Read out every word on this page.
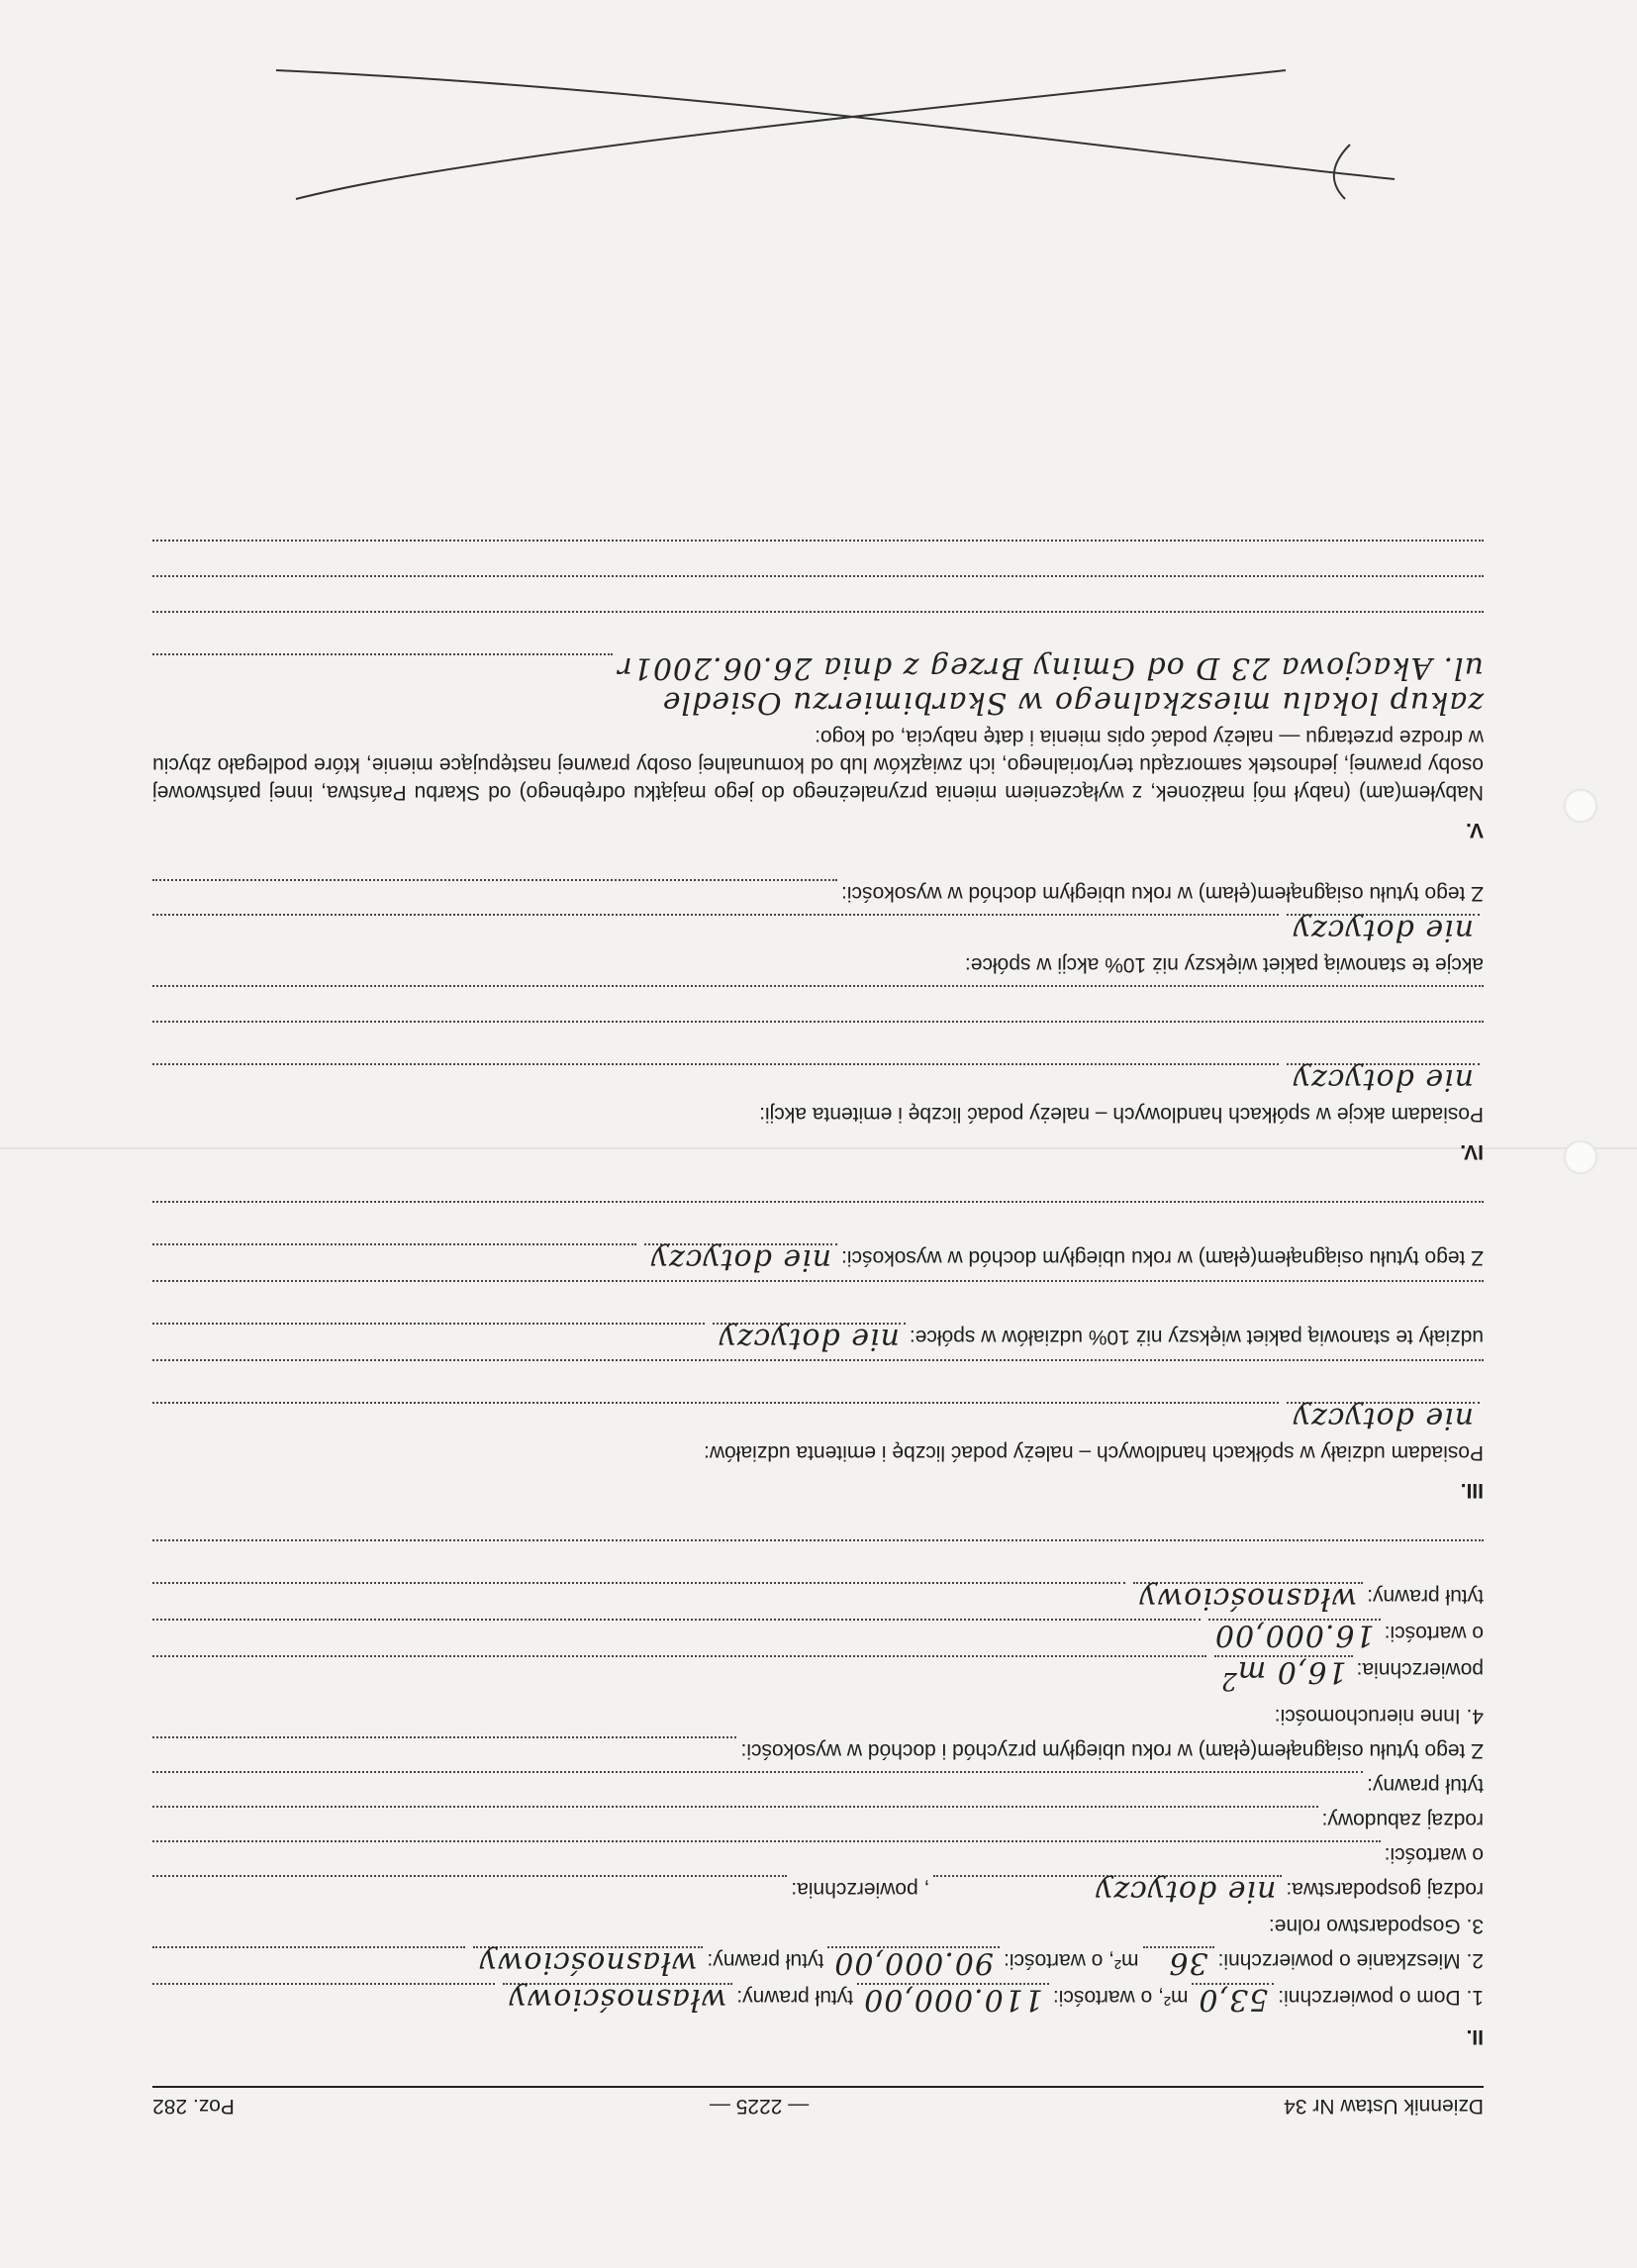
Dziennik Ustaw Nr 34
— 2225 —
Poz. 282
II.
1. Dom o powierzchni:
53,0
m², o wartości:
110.000,00
tytuł prawny:
własnościowy
2. Mieszkanie o powierzchni:
36
m², o wartości:
90.000,00
tytuł prawny:
własnościowy
3. Gospodarstwo rolne:
rodzaj gospodarstwa:
nie dotyczy
, powierzchnia:
o wartości:
rodzaj zabudowy:
tytuł prawny:
Z tego tytułu osiągnąłem(ęłam) w roku ubiegłym przychód i dochód w wysokości:
4. Inne nieruchomości:
powierzchnia:
16,0 $m^2$
o wartości:
16.000,00
tytuł prawny:
własnościowy
III.
Posiadam udziały w spółkach handlowych – należy podać liczbę i emitenta udziałów:
nie dotyczy
udziały te stanowią pakiet większy niż 10% udziałów w spółce:
nie dotyczy
Z tego tytułu osiągnąłem(ęłam) w roku ubiegłym dochód w wysokości:
nie dotyczy
IV.
Posiadam akcje w spółkach handlowych – należy podać liczbę i emitenta akcji:
nie dotyczy
akcje te stanowią pakiet większy niż 10% akcji w spółce:
nie dotyczy
Z tego tytułu osiągnąłem(ęłam) w roku ubiegłym dochód w wysokości:
V.
Nabyłem(am) (nabył mój małżonek, z wyłączeniem mienia przynależnego do jego majątku odrębnego) od Skarbu Państwa, innej państwowej osoby prawnej, jednostek samorządu terytorialnego, ich związków lub od komunalnej osoby prawnej następujące mienie, które podlegało zbyciu w drodze przetargu — należy podać opis mienia i datę nabycia, od kogo:
zakup lokalu mieszkalnego w Skarbimierzu Osiedle
ul. Akacjowa 23 D od Gminy Brzeg z dnia 26.06.2001r
